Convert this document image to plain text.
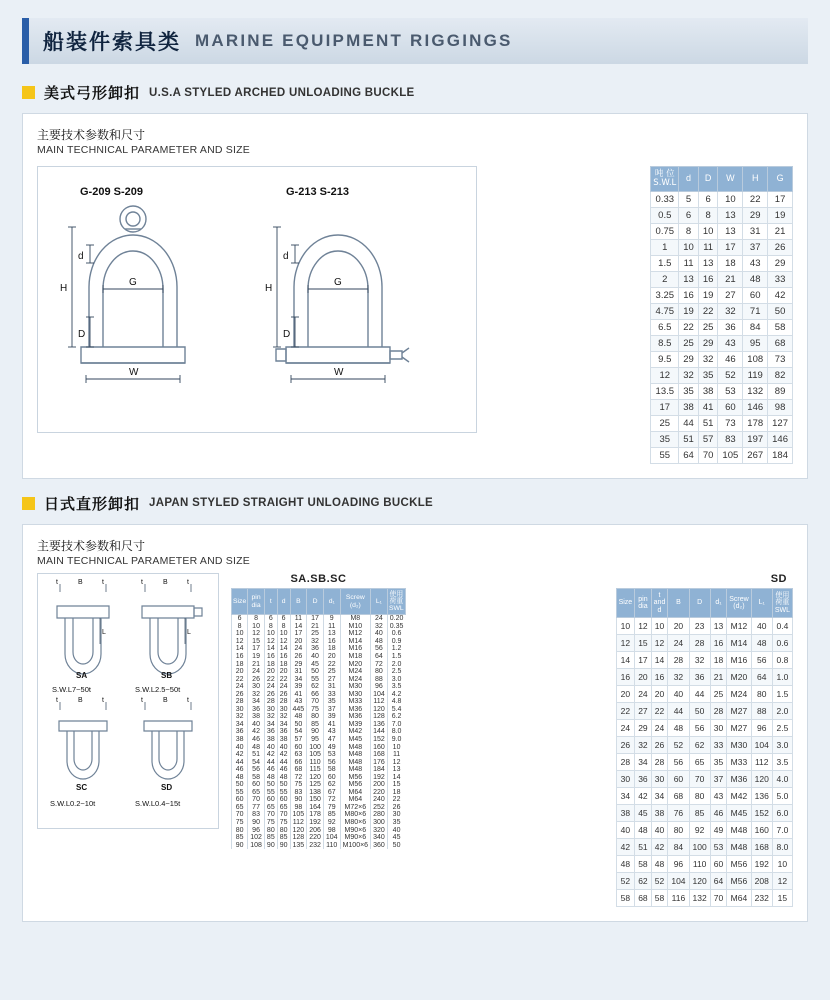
船装件索具类 MARINE EQUIPMENT RIGGINGS
美式弓形卸扣 U.S.A STYLED ARCHED UNLOADING BUCKLE
主要技术参数和尺寸
MAIN TECHNICAL PARAMETER AND SIZE
G-209 S-209	G-213 S-213
d
H
D
G
W
d
H
D
G
W
吨 位
S.W.L	d	D	W	H	G
0.33	5	6	10	22	17
0.5	6	8	13	29	19
0.75	8	10	13	31	21
1	10	11	17	37	26
1.5	11	13	18	43	29
2	13	16	21	48	33
3.25	16	19	27	60	42
4.75	19	22	32	71	50
6.5	22	25	36	84	58
8.5	25	29	43	95	68
9.5	29	32	46	108	73
12	32	35	52	119	82
13.5	35	38	53	132	89
17	38	41	60	146	98
25	44	51	73	178	127
35	51	57	83	197	146
55	64	70	105	267	184
日式直形卸扣 JAPAN STYLED STRAIGHT UNLOADING BUCKLE
主要技术参数和尺寸
MAIN TECHNICAL PARAMETER AND SIZE
t	B	t	t	B	t
L	L
t	B	t	t	B	t
SA	SB
SC	SD
S.W.L7~50t	S.W.L2.5~50t
S.W.L0.2~10t	S.W.L0.4~15t
SA.SB.SC
Size	pin
dia	t	d	B	D	d₁	Screw
(d₂)	L₁	使用
荷重
SWL
6	8	6	6	11	17	9	M8	24	0.20
8	10	8	8	14	21	11	M10	32	0.35
10	12	10	10	17	25	13	M12	40	0.6
12	15	12	12	20	32	16	M14	48	0.9
14	17	14	14	24	36	18	M16	56	1.2
16	19	16	16	26	40	20	M18	64	1.5
18	21	18	18	29	45	22	M20	72	2.0
20	24	20	20	31	50	25	M24	80	2.5
22	26	22	22	34	55	27	M24	88	3.0
24	30	24	24	39	62	31	M30	96	3.5
26	32	26	26	41	66	33	M30	104	4.2
28	34	28	28	43	70	35	M33	112	4.8
30	36	30	30	445	75	37	M36	120	5.4
32	38	32	32	48	80	39	M36	128	6.2
34	40	34	34	50	85	41	M39	136	7.0
36	42	36	36	54	90	43	M42	144	8.0
38	46	38	38	57	95	47	M45	152	9.0
40	48	40	40	60	100	49	M48	160	10
42	51	42	42	63	105	53	M48	168	11
44	54	44	44	66	110	56	M48	176	12
46	56	46	46	68	115	58	M48	184	13
48	58	48	48	72	120	60	M56	192	14
50	60	50	50	75	125	62	M56	200	15
55	65	55	55	83	138	67	M64	220	18
60	70	60	60	90	150	72	M64	240	22
65	77	65	65	98	164	79	M72×6	252	26
70	83	70	70	105	178	85	M80×6	280	30
75	90	75	75	112	192	92	M80×6	300	35
80	96	80	80	120	206	98	M90×6	320	40
85	102	85	85	128	220	104	M90×6	340	45
90	108	90	90	135	232	110	M100×6	360	50
SD
Size	pin
dia	t
and
d	B	D	d₁	Screw
(d₂)	L₁	使用
荷重
SWL
10	12	10	20	23	13	M12	40	0.4
12	15	12	24	28	16	M14	48	0.6
14	17	14	28	32	18	M16	56	0.8
16	20	16	32	36	21	M20	64	1.0
20	24	20	40	44	25	M24	80	1.5
22	27	22	44	50	28	M27	88	2.0
24	29	24	48	56	30	M27	96	2.5
26	32	26	52	62	33	M30	104	3.0
28	34	28	56	65	35	M33	112	3.5
30	36	30	60	70	37	M36	120	4.0
34	42	34	68	80	43	M42	136	5.0
38	45	38	76	85	46	M45	152	6.0
40	48	40	80	92	49	M48	160	7.0
42	51	42	84	100	53	M48	168	8.0
48	58	48	96	110	60	M56	192	10
52	62	52	104	120	64	M56	208	12
58	68	58	116	132	70	M64	232	15
